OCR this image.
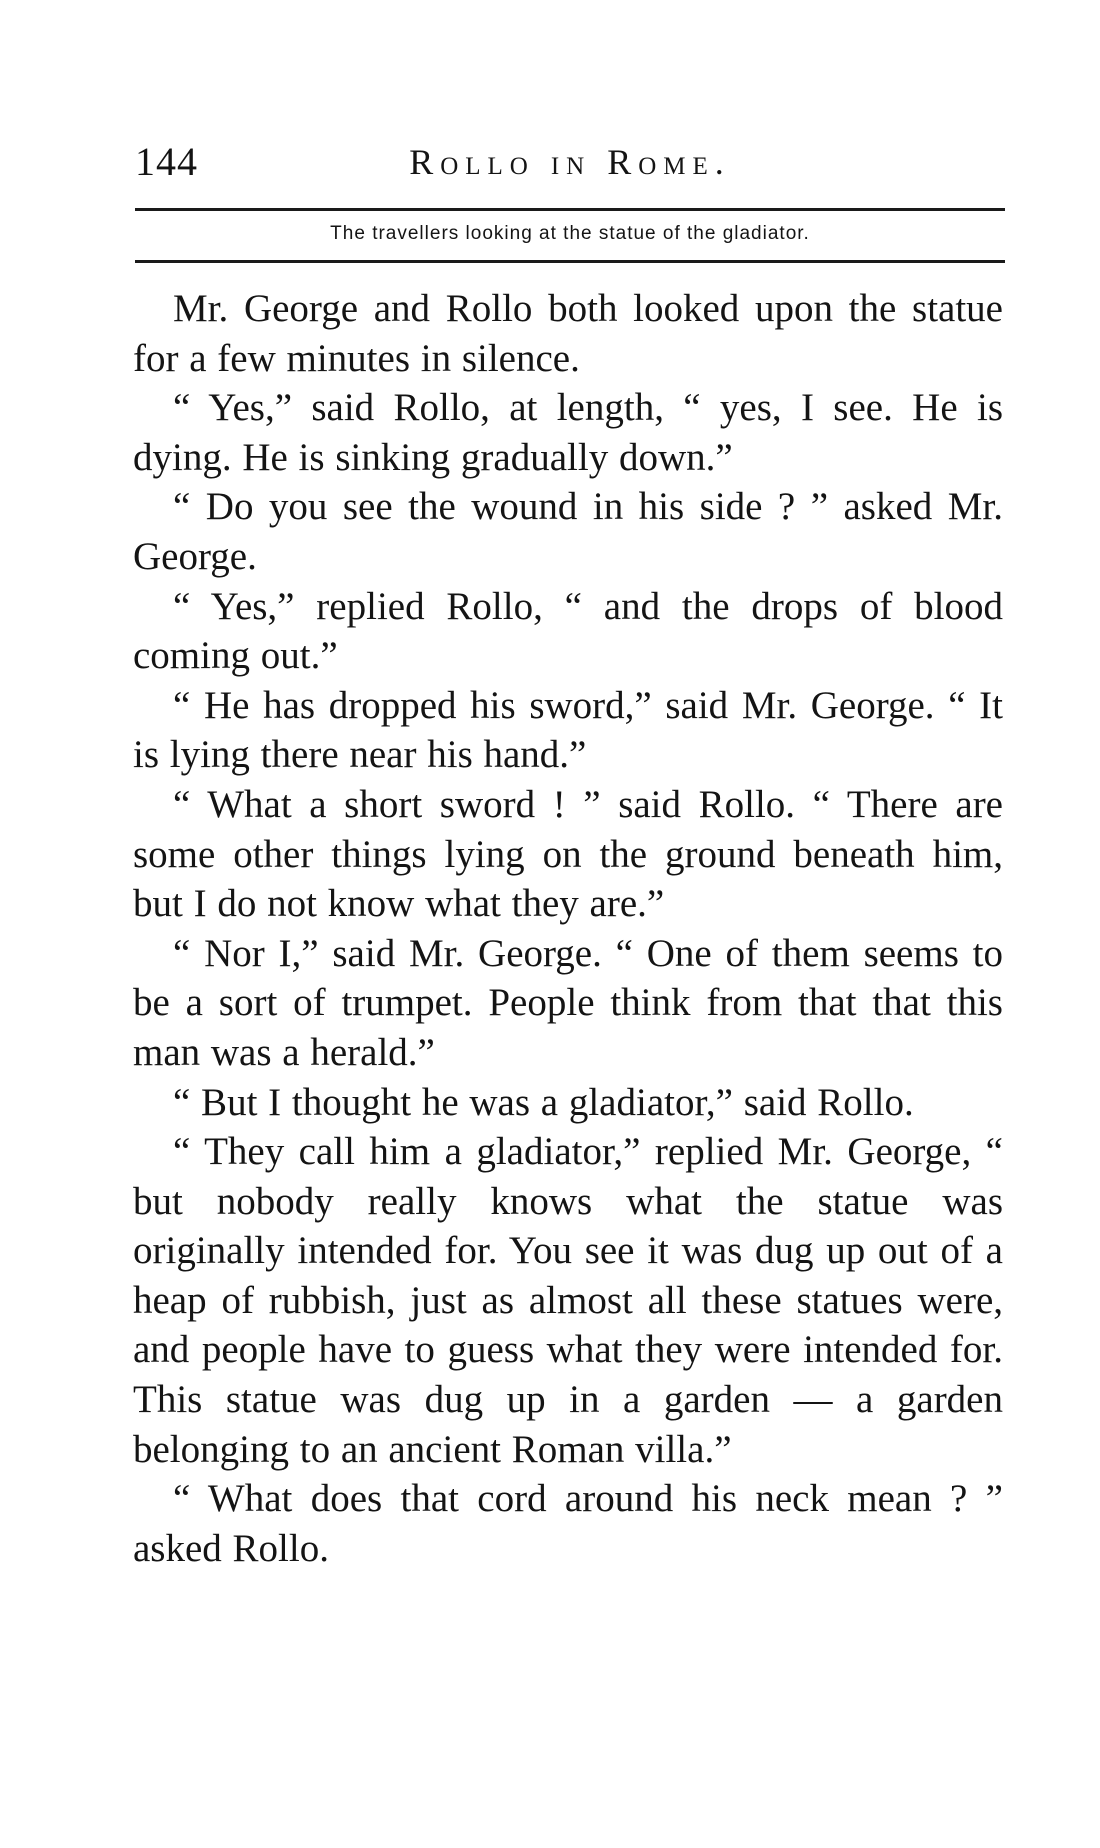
144	Rollo in Rome.
The travellers looking at the statue of the gladiator.

Mr. George and Rollo both looked upon the statue for a few minutes in silence.

“ Yes,” said Rollo, at length, “ yes, I see. He is dying. He is sinking gradually down.”

“ Do you see the wound in his side ? ” asked Mr. George.

“ Yes,” replied Rollo, “ and the drops of blood coming out.”

“ He has dropped his sword,” said Mr. George. “ It is lying there near his hand.”

“ What a short sword ! ” said Rollo. “ There are some other things lying on the ground beneath him, but I do not know what they are.”

“ Nor I,” said Mr. George. “ One of them seems to be a sort of trumpet. People think from that that this man was a herald.”

“ But I thought he was a gladiator,” said Rollo.

“ They call him a gladiator,” replied Mr. George, “ but nobody really knows what the statue was originally intended for. You see it was dug up out of a heap of rubbish, just as almost all these statues were, and people have to guess what they were intended for. This statue was dug up in a garden — a garden belonging to an ancient Roman villa.”

“ What does that cord around his neck mean ? ” asked Rollo.
